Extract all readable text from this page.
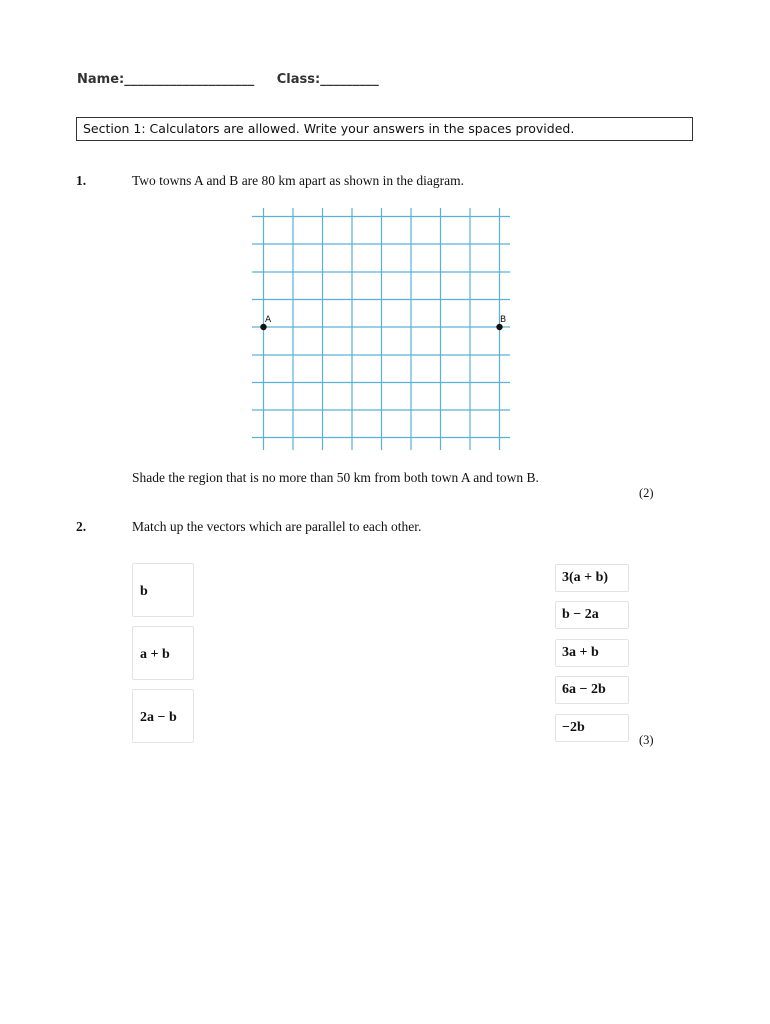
Name:____________________ Class:_________
Section 1: Calculators are allowed. Write your answers in the spaces provided.
1.	Two towns A and B are 80 km apart as shown in the diagram.
A	B
Shade the region that is no more than 50 km from both town A and town B.
(2)
2.	Match up the vectors which are parallel to each other.
b
a + b
2a − b
3(a + b)
b − 2a
3a + b
6a − 2b
−2b
(3)
